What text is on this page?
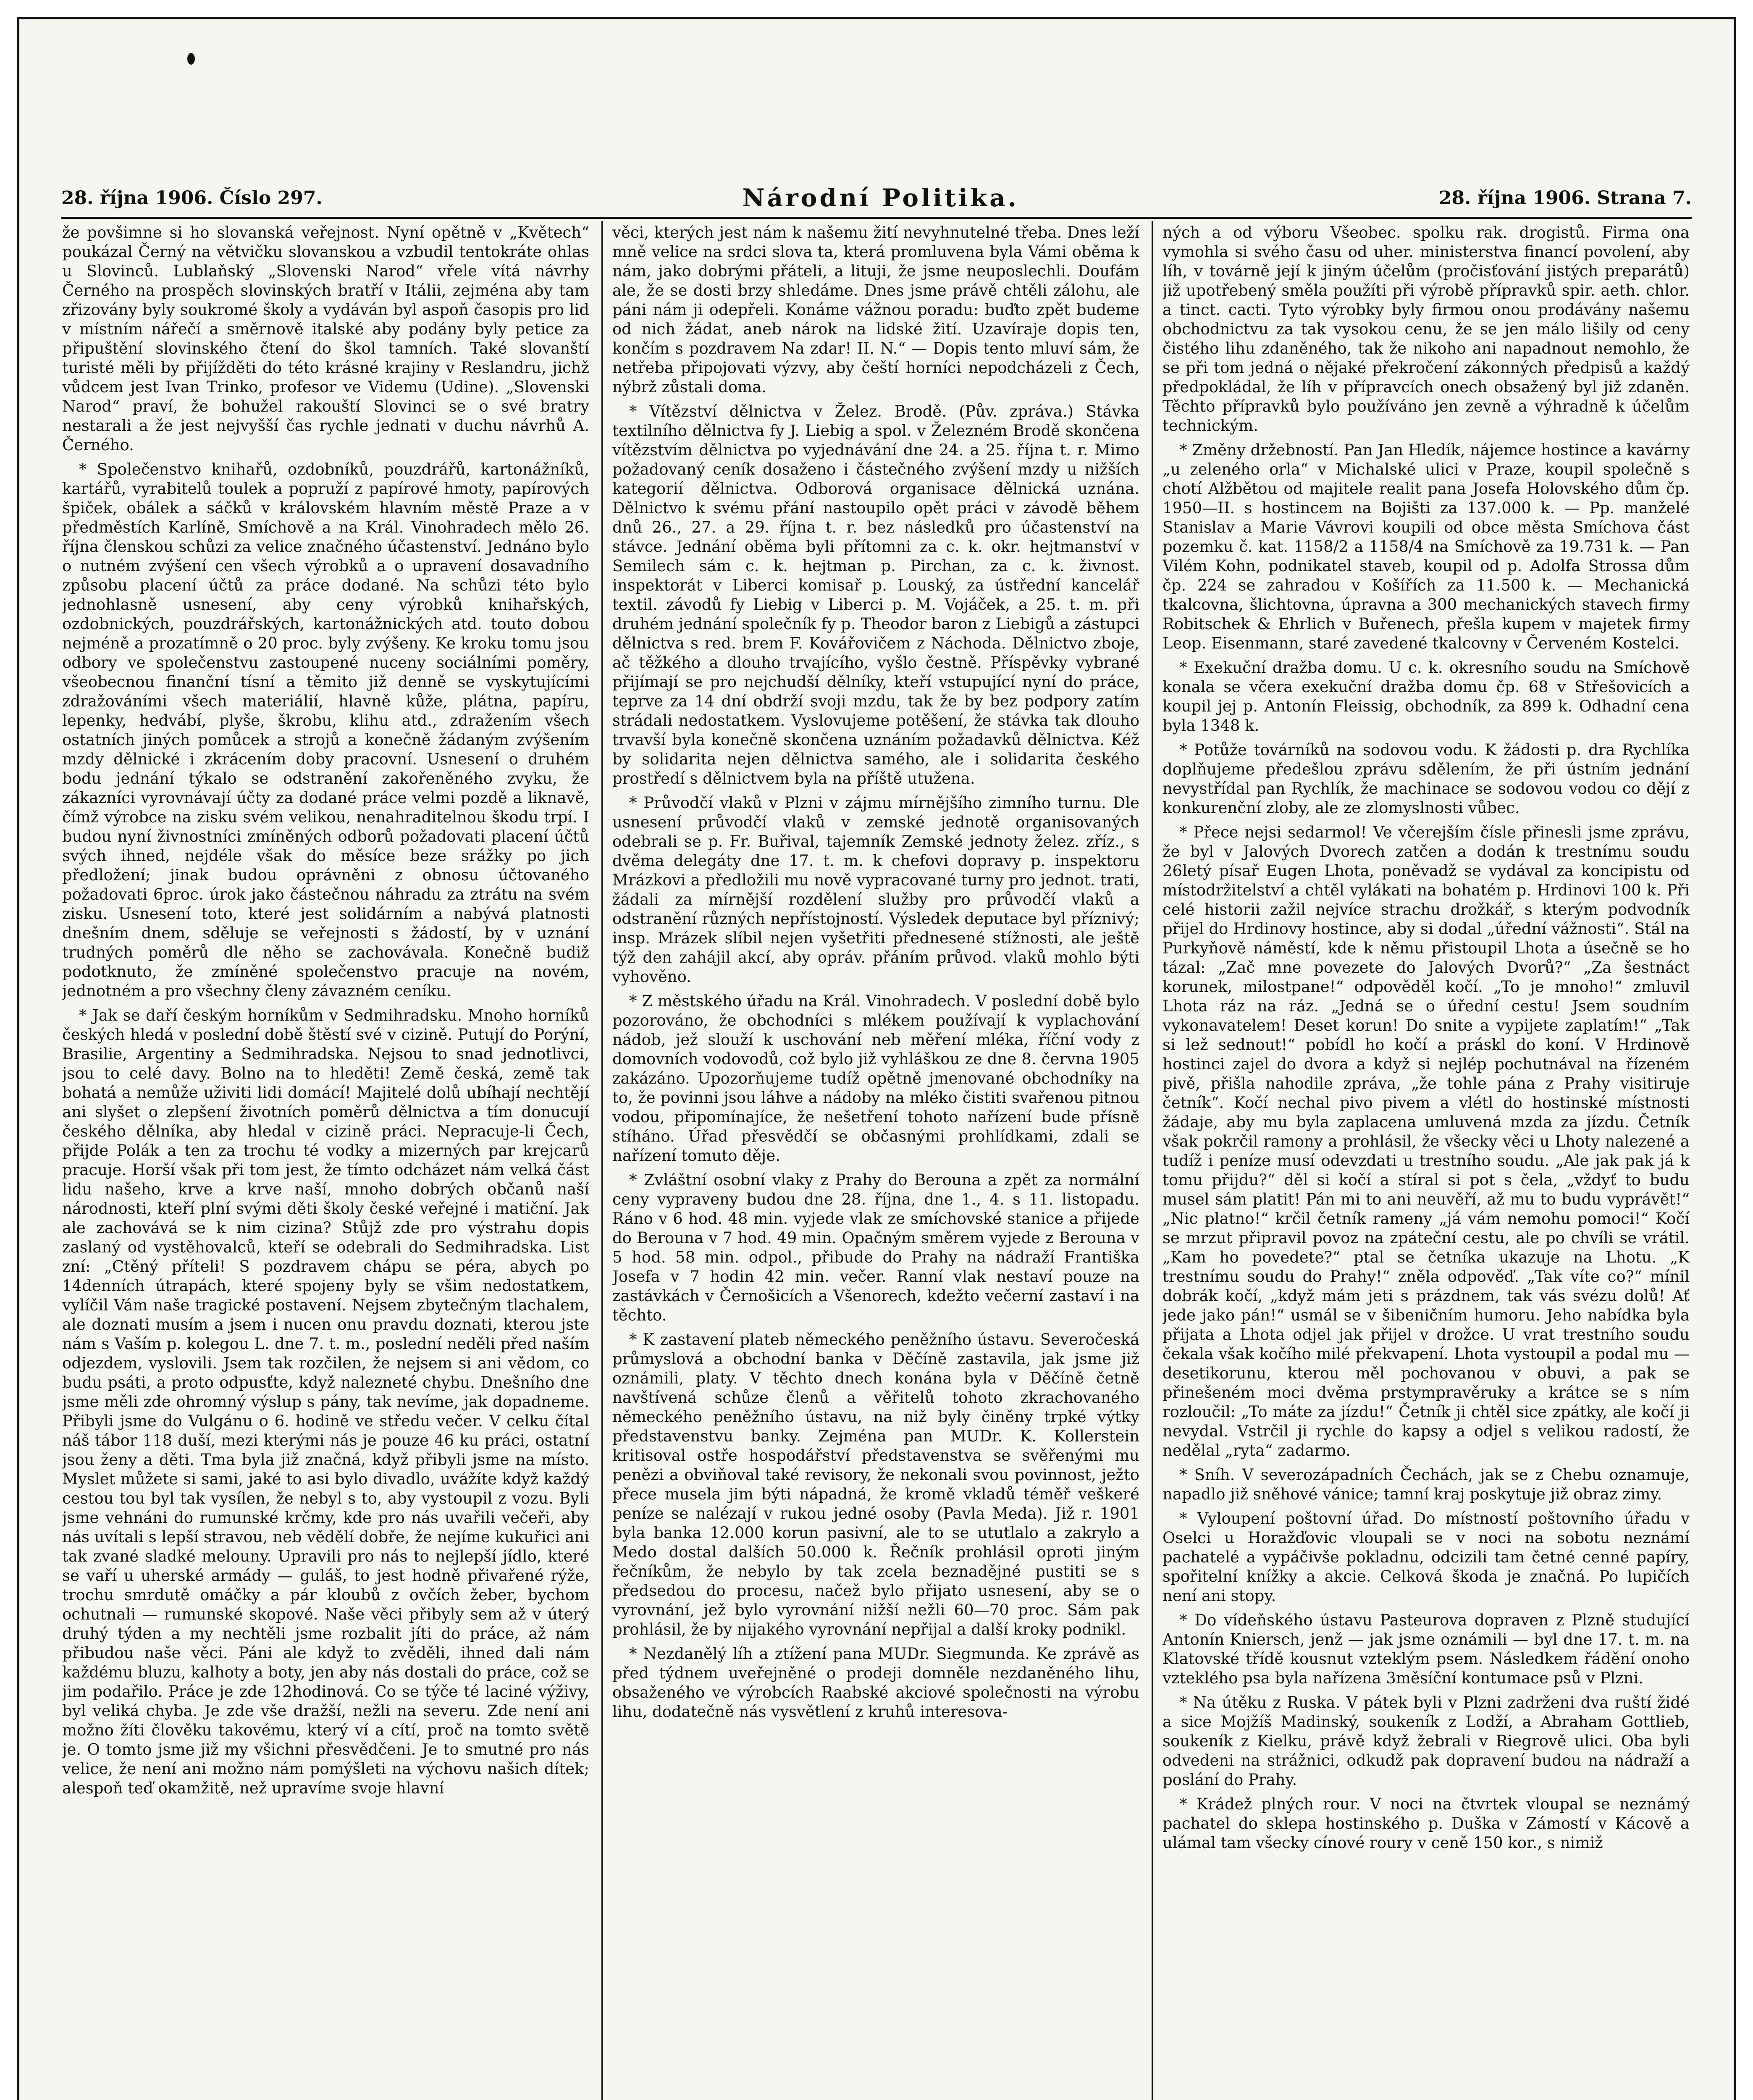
28. října 1906. Číslo 297.	Národní Politika.	28. října 1906. Strana 7.

že povšimne si ho slovanská veřejnost. Nyní opětně v „Květech“ poukázal Černý na větvičku slovanskou a vzbudil tentokráte ohlas u Slovinců. Lublaňský „Slovenski Narod“ vřele vítá návrhy Černého na prospěch slovinských bratří v Itálii, zejména aby tam zřizovány byly soukromé školy a vydáván byl aspoň časopis pro lid v místním nářečí a směrnově italské aby podány byly petice za připuštění slovinského čtení do škol tamních. Také slovanští turisté měli by přijížděti do této krásné krajiny v Reslandru, jichž vůdcem jest Ivan Trinko, profesor ve Videmu (Udine). „Slovenski Narod“ praví, že bohužel rakouští Slovinci se o své bratry nestarali a že jest nejvyšší čas rychle jednati v duchu návrhů A. Černého.

* Společenstvo knihařů, ozdobníků, pouzdrářů, kartonážníků, kartářů, vyrabitelů toulek a popruží z papírové hmoty, papírových špiček, obálek a sáčků v královském hlavním městě Praze a v předměstích Karlíně, Smíchově a na Král. Vinohradech mělo 26. října členskou schůzi za velice značného účastenství. Jednáno bylo o nutném zvýšení cen všech výrobků a o upravení dosavadního způsobu placení účtů za práce dodané. Na schůzi této bylo jednohlasně usnesení, aby ceny výrobků knihařských, ozdobnických, pouzdrářských, kartonážnických atd. touto dobou nejméně a prozatímně o 20 proc. byly zvýšeny. Ke kroku tomu jsou odbory ve společenstvu zastoupené nuceny sociálními poměry, všeobecnou finanční tísní a těmito již denně se vyskytujícími zdražováními všech materiálií, hlavně kůže, plátna, papíru, lepenky, hedvábí, plyše, škrobu, klihu atd., zdražením všech ostatních jiných pomůcek a strojů a konečně žádaným zvýšením mzdy dělnické i zkrácením doby pracovní. Usnesení o druhém bodu jednání týkalo se odstranění zakořeněného zvyku, že zákazníci vyrovnávají účty za dodané práce velmi pozdě a liknavě, čímž výrobce na zisku svém velikou, nenahraditelnou škodu trpí. I budou nyní živnostníci zmíněných odborů požadovati placení účtů svých ihned, nejdéle však do měsíce beze srážky po jich předložení; jinak budou oprávněni z obnosu účtovaného požadovati 6proc. úrok jako částečnou náhradu za ztrátu na svém zisku. Usnesení toto, které jest solidárním a nabývá platnosti dnešním dnem, sděluje se veřejnosti s žádostí, by v uznání trudných poměrů dle něho se zachovávala. Konečně budiž podotknuto, že zmíněné společenstvo pracuje na novém, jednotném a pro všechny členy závazném ceníku.

* Jak se daří českým horníkům v Sedmihradsku. Mnoho horníků českých hledá v poslední době štěstí své v cizině. Putují do Porýní, Brasilie, Argentiny a Sedmihradska. Nejsou to snad jednotlivci, jsou to celé davy. Bolno na to hleděti! Země česká, země tak bohatá a nemůže uživiti lidi domácí! Majitelé dolů ubíhají nechtějí ani slyšet o zlepšení životních poměrů dělnictva a tím donucují českého dělníka, aby hledal v cizině práci. Nepracuje-li Čech, přijde Polák a ten za trochu té vodky a mizerných par krejcarů pracuje. Horší však při tom jest, že tímto odcházet nám velká část lidu našeho, krve a krve naší, mnoho dobrých občanů naší národnosti, kteří plní svými děti školy české veřejné i matiční. Jak ale zachovává se k nim cizina? Stůjž zde pro výstrahu dopis zaslaný od vystěhovalců, kteří se odebrali do Sedmihradska. List zní: „Ctěný příteli! S pozdravem chápu se péra, abych po 14denních útrapách, které spojeny byly se všim nedostatkem, vylíčil Vám naše tragické postavení. Nejsem zbytečným tlachalem, ale doznati musím a jsem i nucen onu pravdu doznati, kterou jste nám s Vaším p. kolegou L. dne 7. t. m., poslední neděli před naším odjezdem, vyslovili. Jsem tak rozčilen, že nejsem si ani vědom, co budu psáti, a proto odpusťte, když nalezneté chybu. Dnešního dne jsme měli zde ohromný výslup s pány, tak nevíme, jak dopadneme. Přibyli jsme do Vulgánu o 6. hodině ve středu večer. V celku čítal náš tábor 118 duší, mezi kterými nás je pouze 46 ku práci, ostatní jsou ženy a děti. Tma byla již značná, když přibyli jsme na místo. Myslet můžete si sami, jaké to asi bylo divadlo, uvážíte když každý cestou tou byl tak vysílen, že nebyl s to, aby vystoupil z vozu. Byli jsme vehnáni do rumunské krčmy, kde pro nás uvařili večeři, aby nás uvítali s lepší stravou, neb vědělí dobře, že nejíme kukuřici ani tak zvané sladké melouny. Upravili pro nás to nejlepší jídlo, které se vaří u uherské armády — guláš, to jest hodně přivařené rýže, trochu smrdutě omáčky a pár kloubů z ovčích žeber, bychom ochutnali — rumunské skopové. Naše věci přibyly sem až v úterý druhý týden a my nechtěli jsme rozbalit jíti do práce, až nám přibudou naše věci. Páni ale když to zvěděli, ihned dali nám každému bluzu, kalhoty a boty, jen aby nás dostali do práce, což se jim podařilo. Práce je zde 12hodinová. Co se týče té laciné výživy, byl veliká chyba. Je zde vše dražší, nežli na severu. Zde není ani možno žíti člověku takovému, který ví a cítí, proč na tomto světě je. O tomto jsme již my všichni přesvědčeni. Je to smutné pro nás velice, že není ani možno nám pomýšleti na výchovu našich dítek; alespoň teď okamžitě, než upravíme svoje hlavní

věci, kterých jest nám k našemu žití nevyhnutelné třeba. Dnes leží mně velice na srdci slova ta, která promluvena byla Vámi oběma k nám, jako dobrými přáteli, a lituji, že jsme neuposlechli. Doufám ale, že se dosti brzy shledáme. Dnes jsme právě chtěli zálohu, ale páni nám ji odepřeli. Konáme vážnou poradu: buďto zpět budeme od nich žádat, aneb nárok na lidské žití. Uzavíraje dopis ten, končím s pozdravem Na zdar! II. N.“ — Dopis tento mluví sám, že netřeba připojovati výzvy, aby čeští horníci nepodcházeli z Čech, nýbrž zůstali doma.

* Vítězství dělnictva v Želez. Brodě. (Pův. zpráva.) Stávka textilního dělnictva fy J. Liebig a spol. v Železném Brodě skončena vítězstvím dělnictva po vyjednávání dne 24. a 25. října t. r. Mimo požadovaný ceník dosaženo i částečného zvýšení mzdy u nižších kategorií dělnictva. Odborová organisace dělnická uznána. Dělnictvo k svému přání nastoupilo opět práci v závodě během dnů 26., 27. a 29. října t. r. bez následků pro účastenství na stávce. Jednání oběma byli přítomni za c. k. okr. hejtmanství v Semilech sám c. k. hejtman p. Pirchan, za c. k. živnost. inspektorát v Liberci komisař p. Louský, za ústřední kancelář textil. závodů fy Liebig v Liberci p. M. Vojáček, a 25. t. m. při druhém jednání společník fy p. Theodor baron z Liebigů a zástupci dělnictva s red. brem F. Kovářovičem z Náchoda. Dělnictvo zboje, ač těžkého a dlouho trvajícího, vyšlo čestně. Příspěvky vybrané přijímají se pro nejchudší dělníky, kteří vstupující nyní do práce, teprve za 14 dní obdrží svoji mzdu, tak že by bez podpory zatím strádali nedostatkem. Vyslovujeme potěšení, že stávka tak dlouho trvavší byla konečně skončena uznáním požadavků dělnictva. Kéž by solidarita nejen dělnictva samého, ale i solidarita českého prostředí s dělnictvem byla na příště utužena.

* Průvodčí vlaků v Plzni v zájmu mírnějšího zimního turnu. Dle usnesení průvodčí vlaků v zemské jednotě organisovaných odebrali se p. Fr. Buřival, tajemník Zemské jednoty želez. zříz., s dvěma delegáty dne 17. t. m. k chefovi dopravy p. inspektoru Mrázkovi a předložili mu nově vypracované turny pro jednot. trati, žádali za mírnější rozdělení služby pro průvodčí vlaků a odstranění různých nepřístojností. Výsledek deputace byl příznivý; insp. Mrázek slíbil nejen vyšetřiti přednesené stížnosti, ale ještě týž den zahájil akcí, aby opráv. přáním průvod. vlaků mohlo býti vyhověno.

* Z městského úřadu na Král. Vinohradech. V poslední době bylo pozorováno, že obchodníci s mlékem používají k vyplachování nádob, jež slouží k uschování neb měření mléka, říční vody z domovních vodovodů, což bylo již vyhláškou ze dne 8. června 1905 zakázáno. Upozorňujeme tudíž opětně jmenované obchodníky na to, že povinni jsou láhve a nádoby na mléko čistiti svařenou pitnou vodou, připomínajíce, že nešetření tohoto nařízení bude přísně stíháno. Úřad přesvědčí se občasnými prohlídkami, zdali se nařízení tomuto děje.

* Zvláštní osobní vlaky z Prahy do Berouna a zpět za normální ceny vypraveny budou dne 28. října, dne 1., 4. s 11. listopadu. Ráno v 6 hod. 48 min. vyjede vlak ze smíchovské stanice a přijede do Berouna v 7 hod. 49 min. Opačným směrem vyjede z Berouna v 5 hod. 58 min. odpol., přibude do Prahy na nádraží Františka Josefa v 7 hodin 42 min. večer. Ranní vlak nestaví pouze na zastávkách v Černošicích a Všenorech, kdežto večerní zastaví i na těchto.

* K zastavení plateb německého peněžního ústavu. Severočeská průmyslová a obchodní banka v Děčíně zastavila, jak jsme již oznámili, platy. V těchto dnech konána byla v Děčíně četně navštívená schůze členů a věřitelů tohoto zkrachovaného německého peněžního ústavu, na niž byly činěny trpké výtky představenstvu banky. Zejména pan MUDr. K. Kollerstein kritisoval ostře hospodářství představenstva se svěřenými mu penězi a obviňoval také revisory, že nekonali svou povinnost, ježto přece musela jim býti nápadná, že kromě vkladů téměř veškeré peníze se nalézají v rukou jedné osoby (Pavla Meda). Již r. 1901 byla banka 12.000 korun pasivní, ale to se ututlalo a zakrylo a Medo dostal dalších 50.000 k. Řečník prohlásil oproti jiným řečníkům, že nebylo by tak zcela beznadějné pustiti se s předsedou do procesu, načež bylo přijato usnesení, aby se o vyrovnání, jež bylo vyrovnání nižší nežli 60—70 proc. Sám pak prohlásil, že by nijakého vyrovnání nepřijal a další kroky podnikl.

* Nezdanělý líh a ztížení pana MUDr. Siegmunda. Ke zprávě as před týdnem uveřejněné o prodeji domněle nezdaněného lihu, obsaženého ve výrobcích Raabské akciové společnosti na výrobu lihu, dodatečně nás vysvětlení z kruhů interesova-

ných a od výboru Všeobec. spolku rak. drogistů. Firma ona vymohla si svého času od uher. ministerstva financí povolení, aby líh, v továrně její k jiným účelům (pročisťování jistých preparátů) již upotřebený směla použíti při výrobě přípravků spir. aeth. chlor. a tinct. cacti. Tyto výrobky byly firmou onou prodávány našemu obchodnictvu za tak vysokou cenu, že se jen málo lišily od ceny čistého lihu zdaněného, tak že nikoho ani napadnout nemohlo, že se při tom jedná o nějaké překročení zákonných předpisů a každý předpokládal, že líh v přípravcích onech obsažený byl již zdaněn. Těchto přípravků bylo používáno jen zevně a výhradně k účelům technickým.

* Změny držebností. Pan Jan Hledík, nájemce hostince a kavárny „u zeleného orla“ v Michalské ulici v Praze, koupil společně s chotí Alžbětou od majitele realit pana Josefa Holovského dům čp. 1950—II. s hostincem na Bojišti za 137.000 k. — Pp. manželé Stanislav a Marie Vávrovi koupili od obce města Smíchova část pozemku č. kat. 1158/2 a 1158/4 na Smíchově za 19.731 k. — Pan Vilém Kohn, podnikatel staveb, koupil od p. Adolfa Strossa dům čp. 224 se zahradou v Košířích za 11.500 k. — Mechanická tkalcovna, šlichtovna, úpravna a 300 mechanických stavech firmy Robitschek & Ehrlich v Buřenech, přešla kupem v majetek firmy Leop. Eisenmann, staré zavedené tkalcovny v Červeném Kostelci.

* Exekuční dražba domu. U c. k. okresního soudu na Smíchově konala se včera exekuční dražba domu čp. 68 v Střešovicích a koupil jej p. Antonín Fleissig, obchodník, za 899 k. Odhadní cena byla 1348 k.

* Potůže továrníků na sodovou vodu. K žádosti p. dra Rychlíka doplňujeme předešlou zprávu sdělením, že při ústním jednání nevystřídal pan Rychlík, že machinace se sodovou vodou co dějí z konkurenční zloby, ale ze zlomyslnosti vůbec.

* Přece nejsi sedarmol! Ve včerejším čísle přinesli jsme zprávu, že byl v Jalových Dvorech zatčen a dodán k trestnímu soudu 26letý písař Eugen Lhota, poněvadž se vydával za koncipistu od místodržitelství a chtěl vylákati na bohatém p. Hrdinovi 100 k. Při celé historii zažil nejvíce strachu drožkář, s kterým podvodník přijel do Hrdinovy hostince, aby si dodal „úřední vážnosti“. Stál na Purkyňově náměstí, kde k němu přistoupil Lhota a úsečně se ho tázal: „Zač mne povezete do Jalových Dvorů?“ „Za šestnáct korunek, milostpane!“ odpověděl kočí. „To je mnoho!“ zmluvil Lhota ráz na ráz. „Jedná se o úřední cestu! Jsem soudním vykonavatelem! Deset korun! Do snite a vypijete zaplatím!“ „Tak si lež sednout!“ pobídl ho kočí a práskl do koní. V Hrdinově hostinci zajel do dvora a když si nejlép pochutnával na řízeném pivě, přišla nahodile zpráva, „že tohle pána z Prahy visitiruje četník“. Kočí nechal pivo pivem a vlétl do hostinské místnosti žádaje, aby mu byla zaplacena umluvená mzda za jízdu. Četník však pokrčil ramony a prohlásil, že všecky věci u Lhoty nalezené a tudíž i peníze musí odevzdati u trestního soudu. „Ale jak pak já k tomu přijdu?“ děl si kočí a stíral si pot s čela, „vždyť to budu musel sám platit! Pán mi to ani neuvěří, až mu to budu vyprávět!“ „Nic platno!“ krčil četník rameny „já vám nemohu pomoci!“ Kočí se mrzut připravil povoz na zpáteční cestu, ale po chvíli se vrátil. „Kam ho povedete?“ ptal se četníka ukazuje na Lhotu. „K trestnímu soudu do Prahy!“ zněla odpověď. „Tak víte co?“ mínil dobrák kočí, „když mám jeti s prázdnem, tak vás svézu dolů! Ať jede jako pán!“ usmál se v šibeničním humoru. Jeho nabídka byla přijata a Lhota odjel jak přijel v drožce. U vrat trestního soudu čekala však kočího milé překvapení. Lhota vystoupil a podal mu — desetikorunu, kterou měl pochovanou v obuvi, a pak se přinešeném moci dvěma prstympravěruky a krátce se s ním rozloučil: „To máte za jízdu!“ Četník ji chtěl sice zpátky, ale kočí ji nevydal. Vstrčil ji rychle do kapsy a odjel s velikou radostí, že nedělal „ryta“ zadarmo.

* Sníh. V severozápadních Čechách, jak se z Chebu oznamuje, napadlo již sněhové vánice; tamní kraj poskytuje již obraz zimy.

* Vyloupení poštovní úřad. Do místností poštovního úřadu v Oselci u Horažďovic vloupali se v noci na sobotu neznámí pachatelé a vypáčivše pokladnu, odcizili tam četné cenné papíry, spořitelní knížky a akcie. Celková škoda je značná. Po lupičích není ani stopy.

* Do vídeňského ústavu Pasteurova dopraven z Plzně studující Antonín Kniersch, jenž — jak jsme oznámili — byl dne 17. t. m. na Klatovské třídě kousnut vzteklým psem. Následkem řádění onoho vzteklého psa byla nařízena 3měsíční kontumace psů v Plzni.

* Na útěku z Ruska. V pátek byli v Plzni zadrženi dva ruští židé a sice Mojžíš Madinský, soukeník z Lodží, a Abraham Gottlieb, soukeník z Kielku, právě když žebrali v Riegrově ulici. Oba byli odvedeni na strážnici, odkudž pak dopravení budou na nádraží a poslání do Prahy.

* Krádež plných rour. V noci na čtvrtek vloupal se neznámý pachatel do sklepa hostinského p. Duška v Zámostí v Kácově a ulámal tam všecky cínové roury v ceně 150 kor., s nimiž
